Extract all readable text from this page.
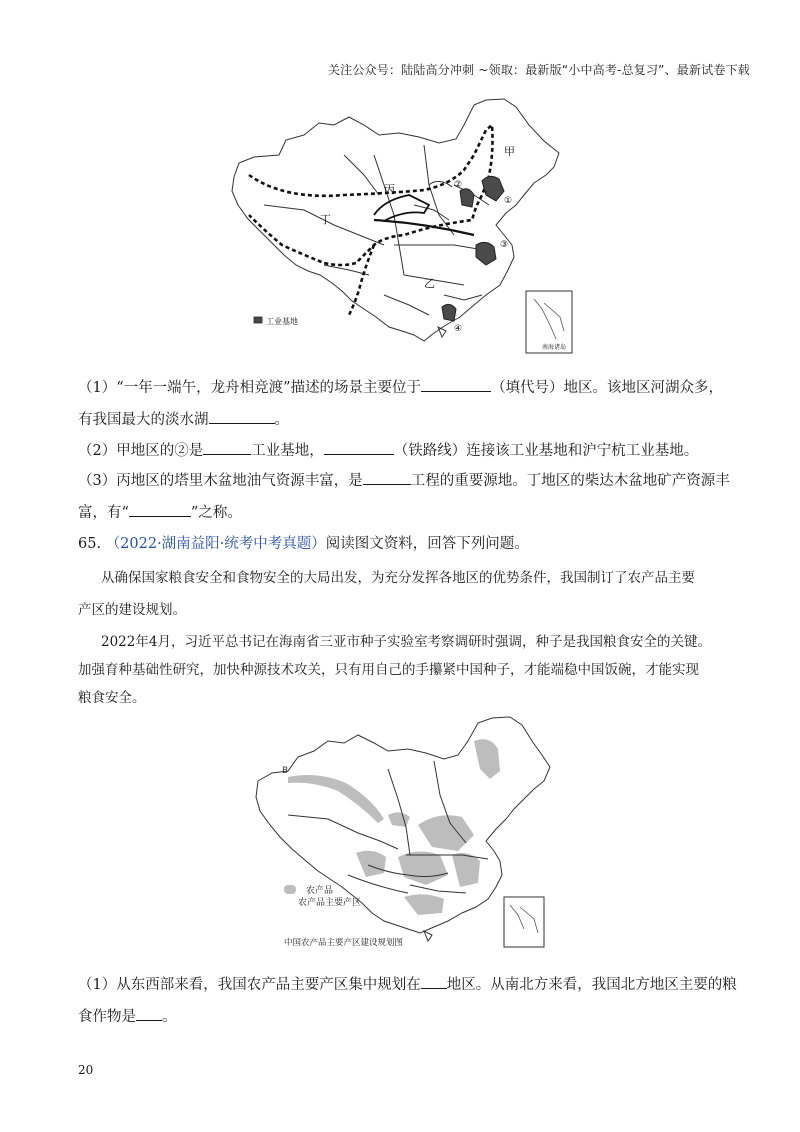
关注公众号：陆陆高分冲刺 ~领取：最新版“小中高考-总复习”、最新试卷下载
甲
乙
丙
丁
①
②
③
④
工业基地
南海诸岛
（1）“一年一端午，龙舟相竞渡”描述的场景主要位于	（填代号）地区。该地区河湖众多，
有我国最大的淡水湖	。
（2）甲地区的②是	工业基地，	（铁路线）连接该工业基地和沪宁杭工业基地。
（3）丙地区的塔里木盆地油气资源丰富，是	工程的重要源地。丁地区的柴达木盆地矿产资源丰
富，有“	”之称。
65. （2022·湖南益阳·统考中考真题）阅读图文资料，回答下列问题。
从确保国家粮食安全和食物安全的大局出发，为充分发挥各地区的优势条件，我国制订了农产品主要
产区的建设规划。
2022年4月，习近平总书记在海南省三亚市种子实验室考察调研时强调，种子是我国粮食安全的关键。
加强育种基础性研究，加快种源技术攻关，只有用自己的手攥紧中国种子，才能端稳中国饭碗，才能实现
粮食安全。
B
农产品
农产品主要产区
中国农产品主要产区建设规划图
（1）从东西部来看，我国农产品主要产区集中规划在 地区。从南北方来看，我国北方地区主要的粮
食作物是 。
20
